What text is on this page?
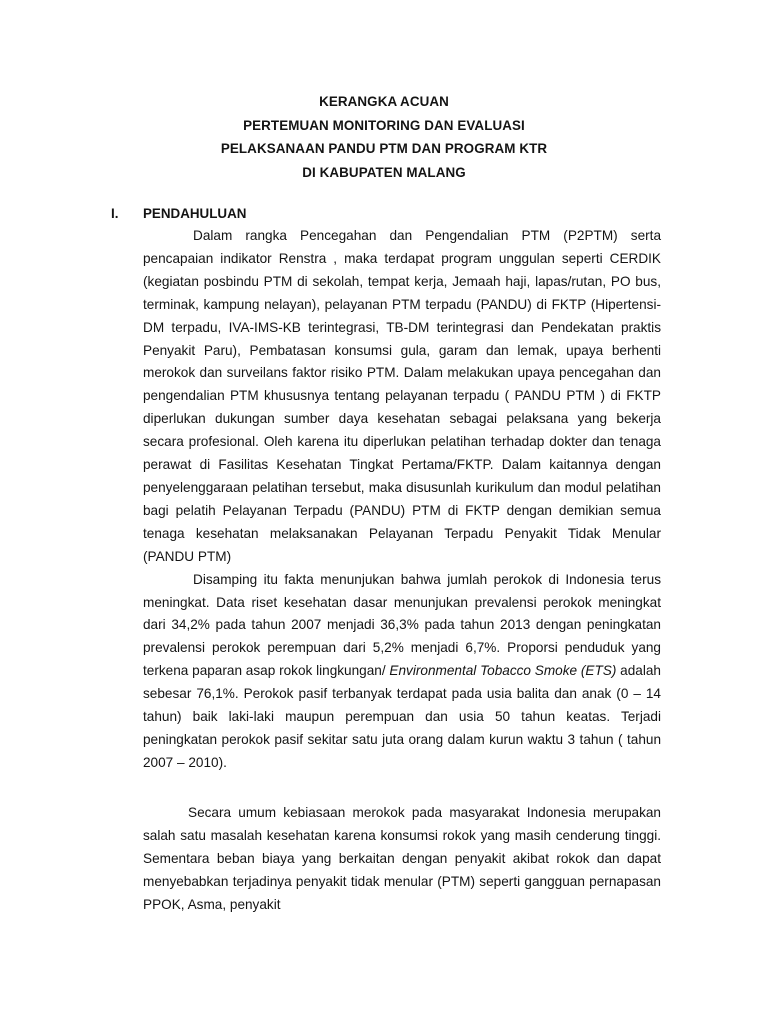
KERANGKA ACUAN
PERTEMUAN MONITORING DAN EVALUASI
PELAKSANAAN PANDU PTM DAN PROGRAM KTR
DI KABUPATEN MALANG
I. PENDAHULUAN

Dalam rangka Pencegahan dan Pengendalian PTM (P2PTM) serta pencapaian indikator Renstra , maka terdapat program unggulan seperti CERDIK (kegiatan posbindu PTM di sekolah, tempat kerja, Jemaah haji, lapas/rutan, PO bus, terminak, kampung nelayan), pelayanan PTM terpadu (PANDU) di FKTP (Hipertensi-DM terpadu, IVA-IMS-KB terintegrasi, TB-DM terintegrasi dan Pendekatan praktis Penyakit Paru), Pembatasan konsumsi gula, garam dan lemak, upaya berhenti merokok dan surveilans faktor risiko PTM. Dalam melakukan upaya pencegahan dan pengendalian PTM khususnya tentang pelayanan terpadu ( PANDU PTM ) di FKTP diperlukan dukungan sumber daya kesehatan sebagai pelaksana yang bekerja secara profesional. Oleh karena itu diperlukan pelatihan terhadap dokter dan tenaga perawat di Fasilitas Kesehatan Tingkat Pertama/FKTP. Dalam kaitannya dengan penyelenggaraan pelatihan tersebut, maka disusunlah kurikulum dan modul pelatihan bagi pelatih Pelayanan Terpadu (PANDU) PTM di FKTP dengan demikian semua tenaga kesehatan melaksanakan Pelayanan Terpadu Penyakit Tidak Menular (PANDU PTM)

Disamping itu fakta menunjukan bahwa jumlah perokok di Indonesia terus meningkat. Data riset kesehatan dasar menunjukan prevalensi perokok meningkat dari 34,2% pada tahun 2007 menjadi 36,3% pada tahun 2013 dengan peningkatan prevalensi perokok perempuan dari 5,2% menjadi 6,7%. Proporsi penduduk yang terkena paparan asap rokok lingkungan/ Environmental Tobacco Smoke (ETS) adalah sebesar 76,1%. Perokok pasif terbanyak terdapat pada usia balita dan anak (0 – 14 tahun) baik laki-laki maupun perempuan dan usia 50 tahun keatas. Terjadi peningkatan perokok pasif sekitar satu juta orang dalam kurun waktu 3 tahun ( tahun 2007 – 2010).

Secara umum kebiasaan merokok pada masyarakat Indonesia merupakan salah satu masalah kesehatan karena konsumsi rokok yang masih cenderung tinggi. Sementara beban biaya yang berkaitan dengan penyakit akibat rokok dan dapat menyebabkan terjadinya penyakit tidak menular (PTM) seperti gangguan pernapasan PPOK, Asma, penyakit
